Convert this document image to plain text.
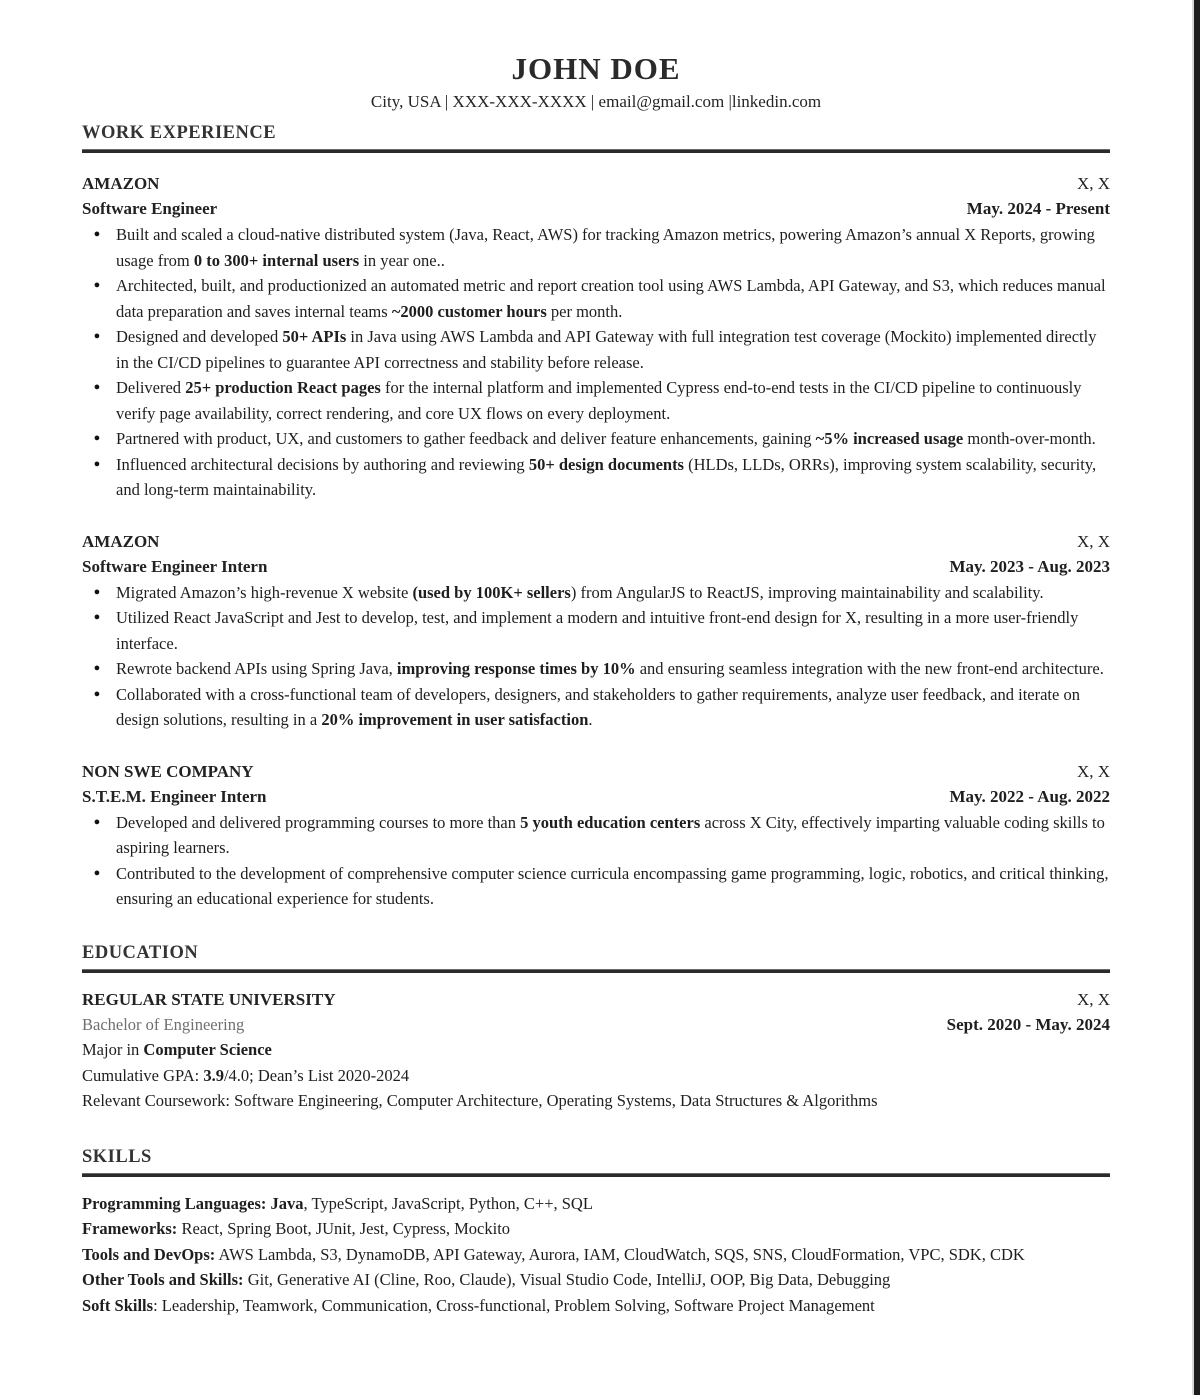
JOHN DOE
City, USA | XXX-XXX-XXXX | email@gmail.com |linkedin.com
WORK EXPERIENCE
AMAZON	X, X
Software Engineer	May. 2024 - Present
● Built and scaled a cloud-native distributed system (Java, React, AWS) for tracking Amazon metrics, powering Amazon’s annual X Reports, growing usage from 0 to 300+ internal users in year one..
● Architected, built, and productionized an automated metric and report creation tool using AWS Lambda, API Gateway, and S3, which reduces manual data preparation and saves internal teams ~2000 customer hours per month.
● Designed and developed 50+ APIs in Java using AWS Lambda and API Gateway with full integration test coverage (Mockito) implemented directly in the CI/CD pipelines to guarantee API correctness and stability before release.
● Delivered 25+ production React pages for the internal platform and implemented Cypress end-to-end tests in the CI/CD pipeline to continuously verify page availability, correct rendering, and core UX flows on every deployment.
● Partnered with product, UX, and customers to gather feedback and deliver feature enhancements, gaining ~5% increased usage month-over-month.
● Influenced architectural decisions by authoring and reviewing 50+ design documents (HLDs, LLDs, ORRs), improving system scalability, security, and long-term maintainability.
AMAZON	X, X
Software Engineer Intern	May. 2023 - Aug. 2023
● Migrated Amazon’s high-revenue X website (used by 100K+ sellers) from AngularJS to ReactJS, improving maintainability and scalability.
● Utilized React JavaScript and Jest to develop, test, and implement a modern and intuitive front-end design for X, resulting in a more user-friendly interface.
● Rewrote backend APIs using Spring Java, improving response times by 10% and ensuring seamless integration with the new front-end architecture.
● Collaborated with a cross-functional team of developers, designers, and stakeholders to gather requirements, analyze user feedback, and iterate on design solutions, resulting in a 20% improvement in user satisfaction.
NON SWE COMPANY	X, X
S.T.E.M. Engineer Intern	May. 2022 - Aug. 2022
● Developed and delivered programming courses to more than 5 youth education centers across X City, effectively imparting valuable coding skills to aspiring learners.
● Contributed to the development of comprehensive computer science curricula encompassing game programming, logic, robotics, and critical thinking, ensuring an educational experience for students.
EDUCATION
REGULAR STATE UNIVERSITY	X, X
Bachelor of Engineering	Sept. 2020 - May. 2024
Major in Computer Science
Cumulative GPA: 3.9/4.0; Dean’s List 2020-2024
Relevant Coursework: Software Engineering, Computer Architecture, Operating Systems, Data Structures & Algorithms
SKILLS
Programming Languages: Java, TypeScript, JavaScript, Python, C++, SQL
Frameworks: React, Spring Boot, JUnit, Jest, Cypress, Mockito
Tools and DevOps: AWS Lambda, S3, DynamoDB, API Gateway, Aurora, IAM, CloudWatch, SQS, SNS, CloudFormation, VPC, SDK, CDK
Other Tools and Skills: Git, Generative AI (Cline, Roo, Claude), Visual Studio Code, IntelliJ, OOP, Big Data, Debugging
Soft Skills: Leadership, Teamwork, Communication, Cross-functional, Problem Solving, Software Project Management
